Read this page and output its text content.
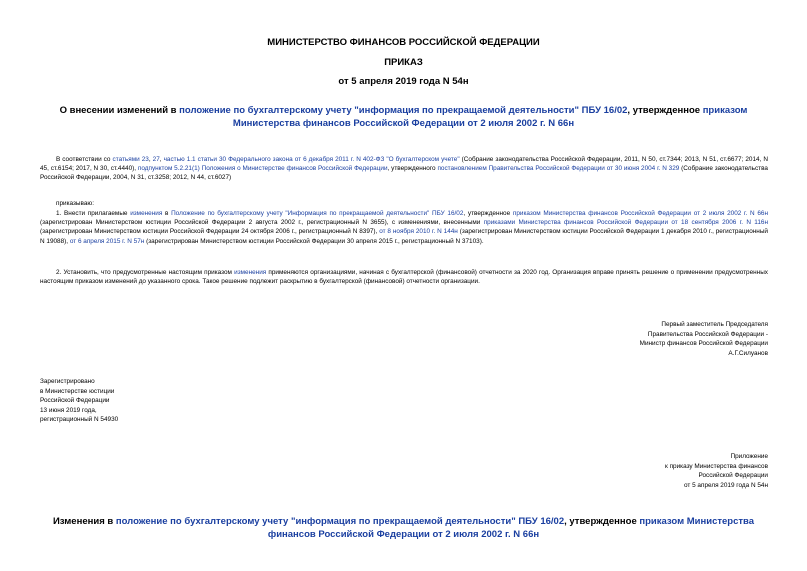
МИНИСТЕРСТВО ФИНАНСОВ РОССИЙСКОЙ ФЕДЕРАЦИИ
ПРИКАЗ
от 5 апреля 2019 года N 54н
О внесении изменений в положение по бухгалтерскому учету "информация по прекращаемой деятельности" ПБУ 16/02, утвержденное приказом Министерства финансов Российской Федерации от 2 июля 2002 г. N 66н
В соответствии со статьями 23, 27, частью 1.1 статьи 30 Федерального закона от 6 декабря 2011 г. N 402-ФЗ "О бухгалтерском учете" (Собрание законодательства Российской Федерации, 2011, N 50, ст.7344; 2013, N 51, ст.6677; 2014, N 45, ст.6154; 2017, N 30, ст.4440), подпунктом 5.2.21(1) Положения о Министерстве финансов Российской Федерации, утвержденного постановлением Правительства Российской Федерации от 30 июня 2004 г. N 329 (Собрание законодательства Российской Федерации, 2004, N 31, ст.3258; 2012, N 44, ст.6027)
приказываю:
1. Внести прилагаемые изменения в Положение по бухгалтерскому учету "Информация по прекращаемой деятельности" ПБУ 16/02, утвержденное приказом Министерства финансов Российской Федерации от 2 июля 2002 г. N 66н (зарегистрирован Министерством юстиции Российской Федерации 2 августа 2002 г., регистрационный N 3655), с изменениями, внесенными приказами Министерства финансов Российской Федерации от 18 сентября 2006 г. N 116н (зарегистрирован Министерством юстиции Российской Федерации 24 октября 2006 г., регистрационный N 8397), от 8 ноября 2010 г. N 144н (зарегистрирован Министерством юстиции Российской Федерации 1 декабря 2010 г., регистрационный N 19088), от 6 апреля 2015 г. N 57н (зарегистрирован Министерством юстиции Российской Федерации 30 апреля 2015 г., регистрационный N 37103).
2. Установить, что предусмотренные настоящим приказом изменения применяются организациями, начиная с бухгалтерской (финансовой) отчетности за 2020 год. Организация вправе принять решение о применении предусмотренных настоящим приказом изменений до указанного срока. Такое решение подлежит раскрытию в бухгалтерской (финансовой) отчетности организации.
Первый заместитель Председателя
Правительства Российской Федерации -
Министр финансов Российской Федерации
А.Г.Силуанов
Зарегистрировано
в Министерстве юстиции
Российской Федерации
13 июня 2019 года,
регистрационный N 54930
Приложение
к приказу Министерства финансов
Российской Федерации
от 5 апреля 2019 года N 54н
Изменения в положение по бухгалтерскому учету "информация по прекращаемой деятельности" ПБУ 16/02, утвержденное приказом Министерства финансов Российской Федерации от 2 июля 2002 г. N 66н
